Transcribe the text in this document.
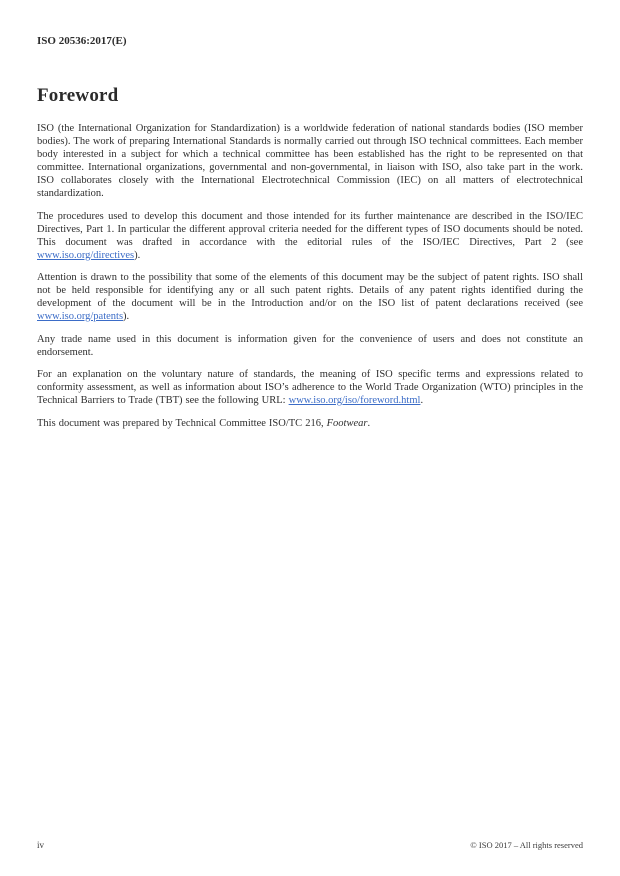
ISO 20536:2017(E)
Foreword

ISO (the International Organization for Standardization) is a worldwide federation of national standards bodies (ISO member bodies). The work of preparing International Standards is normally carried out through ISO technical committees. Each member body interested in a subject for which a technical committee has been established has the right to be represented on that committee. International organizations, governmental and non-governmental, in liaison with ISO, also take part in the work. ISO collaborates closely with the International Electrotechnical Commission (IEC) on all matters of electrotechnical standardization.

The procedures used to develop this document and those intended for its further maintenance are described in the ISO/IEC Directives, Part 1. In particular the different approval criteria needed for the different types of ISO documents should be noted. This document was drafted in accordance with the editorial rules of the ISO/IEC Directives, Part 2 (see www.iso.org/directives).

Attention is drawn to the possibility that some of the elements of this document may be the subject of patent rights. ISO shall not be held responsible for identifying any or all such patent rights. Details of any patent rights identified during the development of the document will be in the Introduction and/or on the ISO list of patent declarations received (see www.iso.org/patents).

Any trade name used in this document is information given for the convenience of users and does not constitute an endorsement.

For an explanation on the voluntary nature of standards, the meaning of ISO specific terms and expressions related to conformity assessment, as well as information about ISO’s adherence to the World Trade Organization (WTO) principles in the Technical Barriers to Trade (TBT) see the following URL: www.iso.org/iso/foreword.html.

This document was prepared by Technical Committee ISO/TC 216, Footwear.

iv	© ISO 2017 – All rights reserved
